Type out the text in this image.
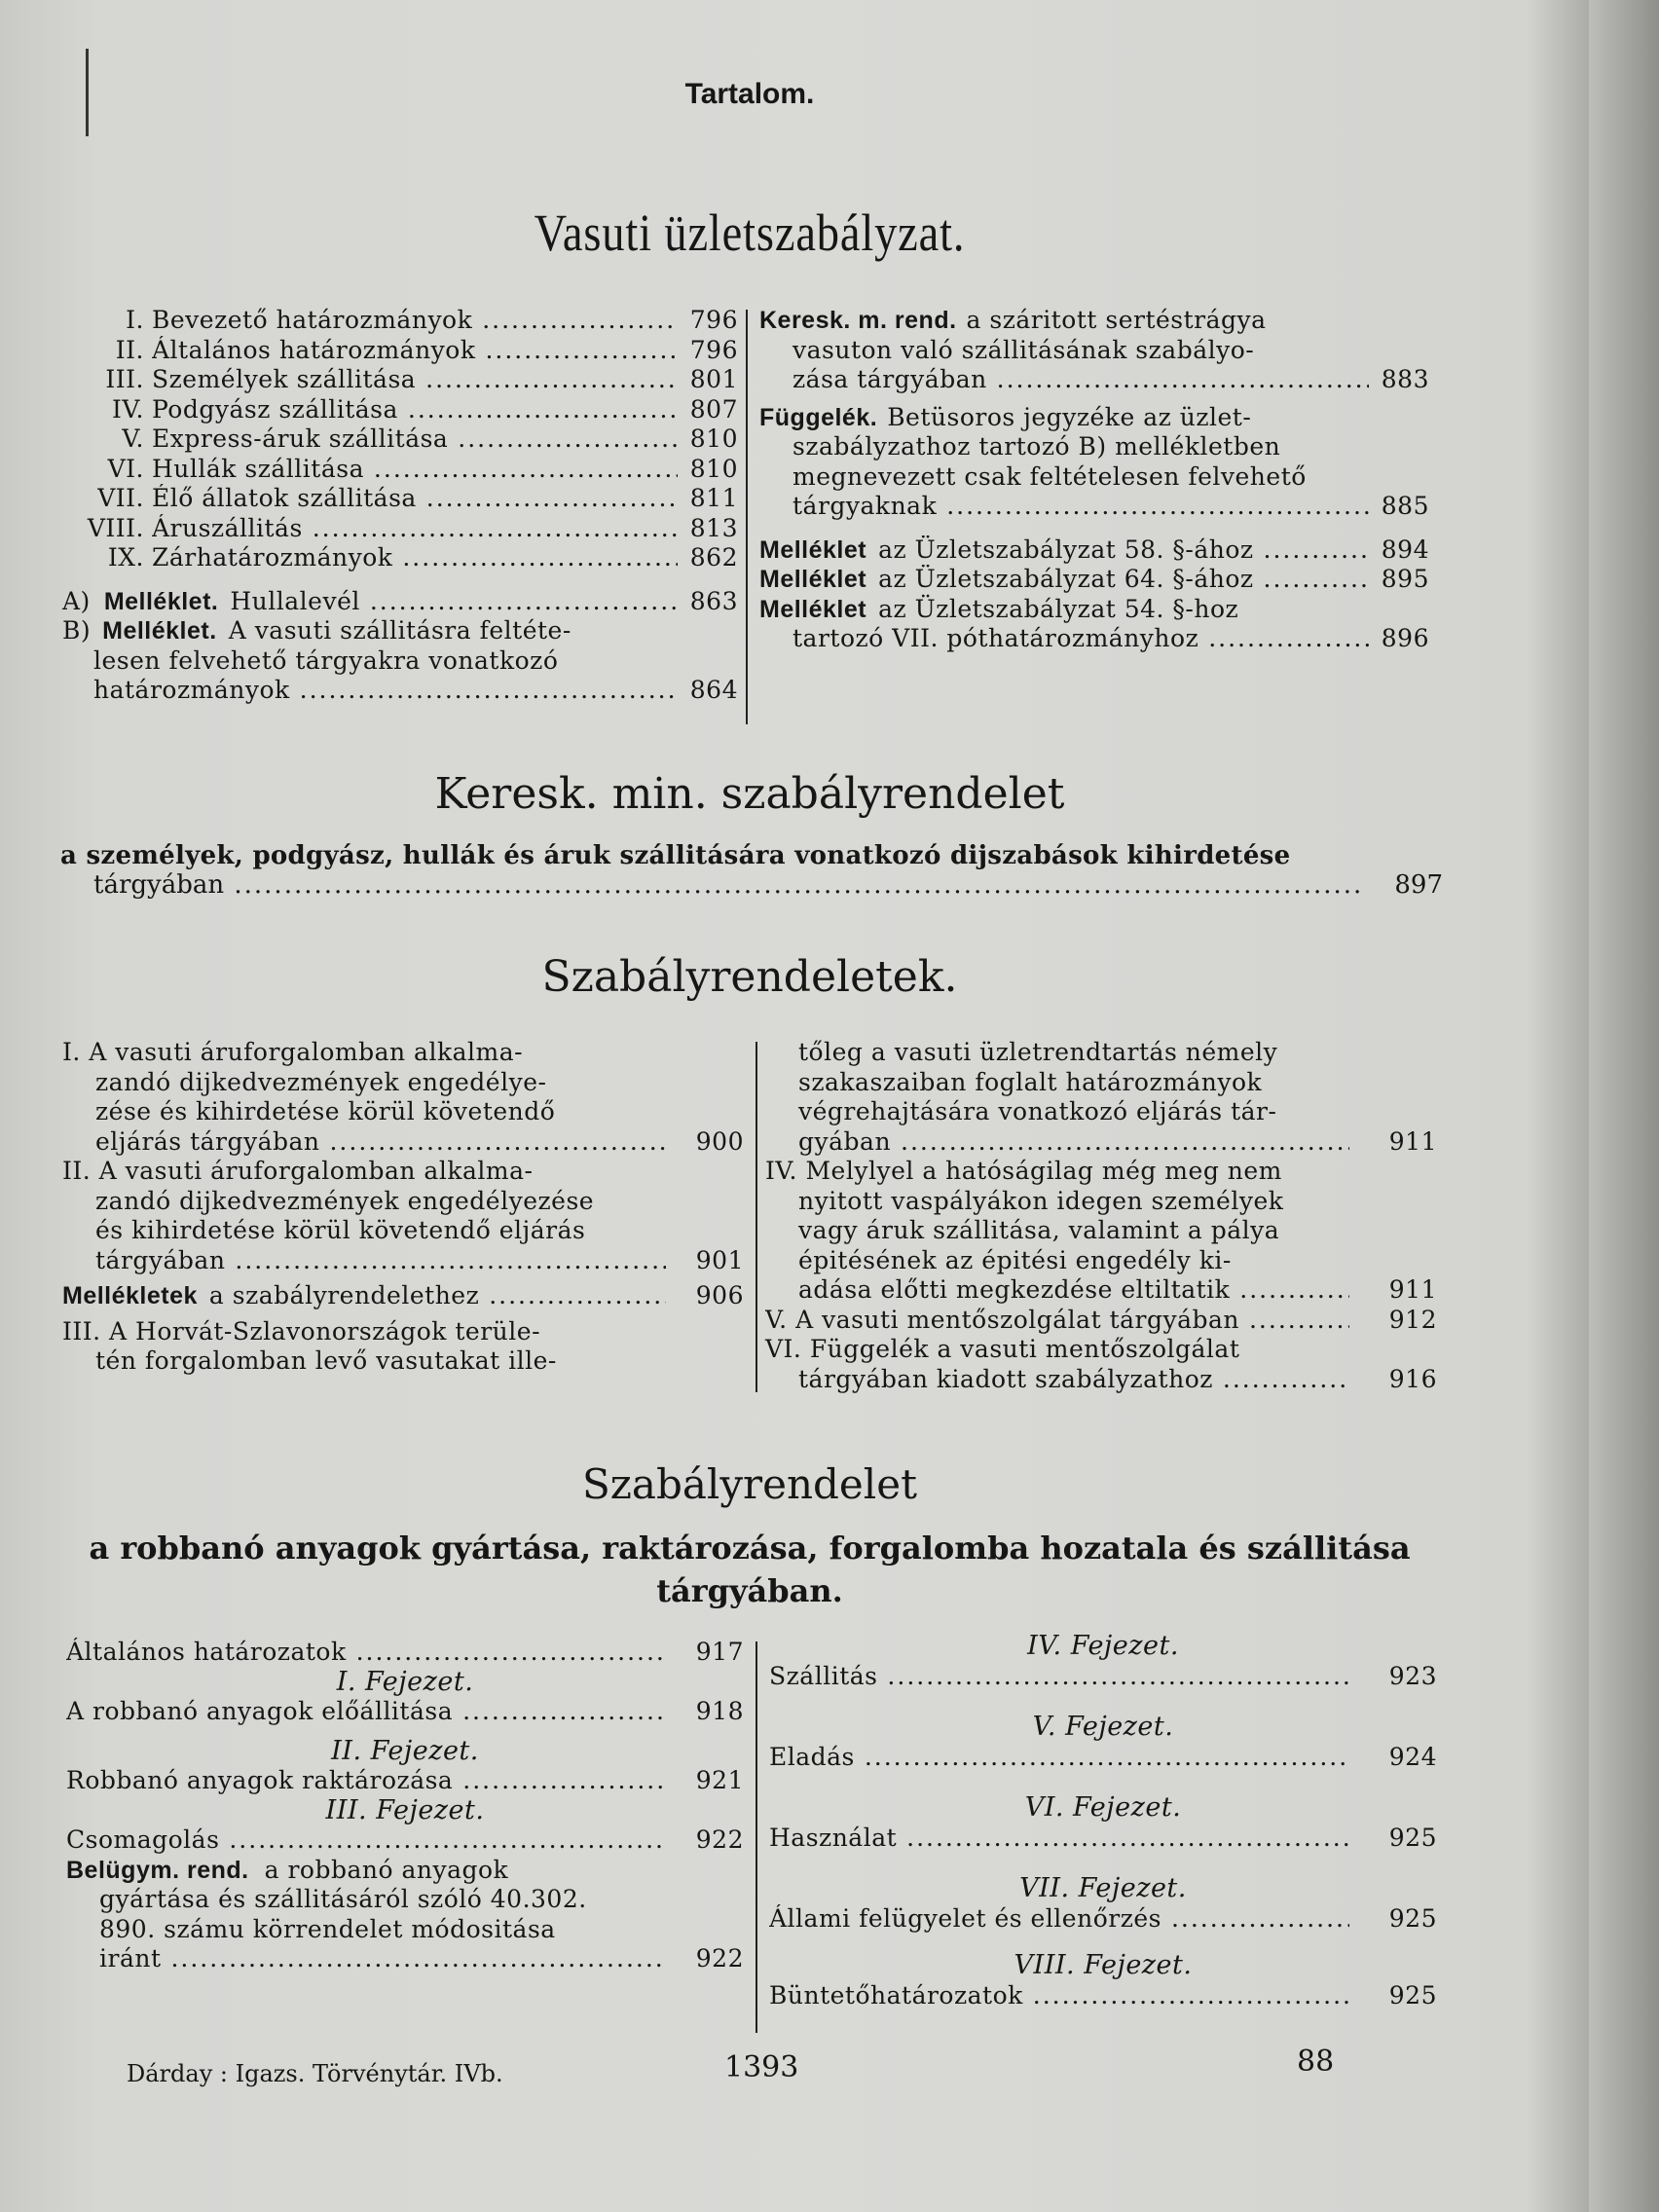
Tartalom.
Vasuti üzletszabályzat.
I. Bevezető határozmányok .....	796
II. Általános határozmányok .....	796
III. Személyek szállitása .....	801
IV. Podgyász szállitása .....	807
V. Express-áruk szállitása .....	810
VI. Hullák szállitása .....	810
VII. Élő állatok szállitása .....	811
VIII. Áruszállitás .....	813
IX. Zárhatározmányok .....	862
A) Melléklet. Hullalevél .....	863
B) Melléklet. A vasuti szállitásra feltéte-
lesen felvehető tárgyakra vonatkozó
határozmányok .....	864
Keresk. m. rend. a száritott sertéstrágya
vasuton való szállitásának szabályo-
zása tárgyában .....	883
Függelék. Betüsoros jegyzéke az üzlet-
szabályzathoz tartozó B) mellékletben
megnevezett csak feltételesen felvehető
tárgyaknak .....	885
Melléklet az Üzletszabályzat 58. §-ához .....	894
Melléklet az Üzletszabályzat 64. §-ához .....	895
Melléklet az Üzletszabályzat 54. §-hoz
tartozó VII. póthatározmányhoz .....	896
Keresk. min. szabályrendelet
a személyek, podgyász, hullák és áruk szállitására vonatkozó dijszabások kihirdetése
tárgyában .....	897
Szabályrendeletek.
I. A vasuti áruforgalomban alkalma-
zandó dijkedvezmények engedélye-
zése és kihirdetése körül követendő
eljárás tárgyában .....	900
II. A vasuti áruforgalomban alkalma-
zandó dijkedvezmények engedélyezése
és kihirdetése körül követendő eljárás
tárgyában .....	901
Mellékletek a szabályrendelethez .....	906
III. A Horvát-Szlavonországok terüle-
tén forgalomban levő vasutakat ille-
tőleg a vasuti üzletrendtartás némely
szakaszaiban foglalt határozmányok
végrehajtására vonatkozó eljárás tár-
gyában .....	911
IV. Melylyel a hatóságilag még meg nem
nyitott vaspályákon idegen személyek
vagy áruk szállitása, valamint a pálya
épitésének az épitési engedély ki-
adása előtti megkezdése eltiltatik .....	911
V. A vasuti mentőszolgálat tárgyában .....	912
VI. Függelék a vasuti mentőszolgálat
tárgyában kiadott szabályzathoz .....	916
Szabályrendelet
a robbanó anyagok gyártása, raktározása, forgalomba hozatala és szállitása tárgyában.
Általános határozatok .....	917
I. Fejezet.
A robbanó anyagok előállitása .....	918
II. Fejezet.
Robbanó anyagok raktározása .....	921
III. Fejezet.
Csomagolás .....	922
Belügym. rend. a robbanó anyagok
gyártása és szállitásáról szóló 40.302.
890. számu körrendelet módositása
iránt .....	922
IV. Fejezet.
Szállitás .....	923
V. Fejezet.
Eladás .....	924
VI. Fejezet.
Használat .....	925
VII. Fejezet.
Állami felügyelet és ellenőrzés .....	925
VIII. Fejezet.
Büntetőhatározatok .....	925
Dárday : Igazs. Törvénytár. IVb.	1393	88
